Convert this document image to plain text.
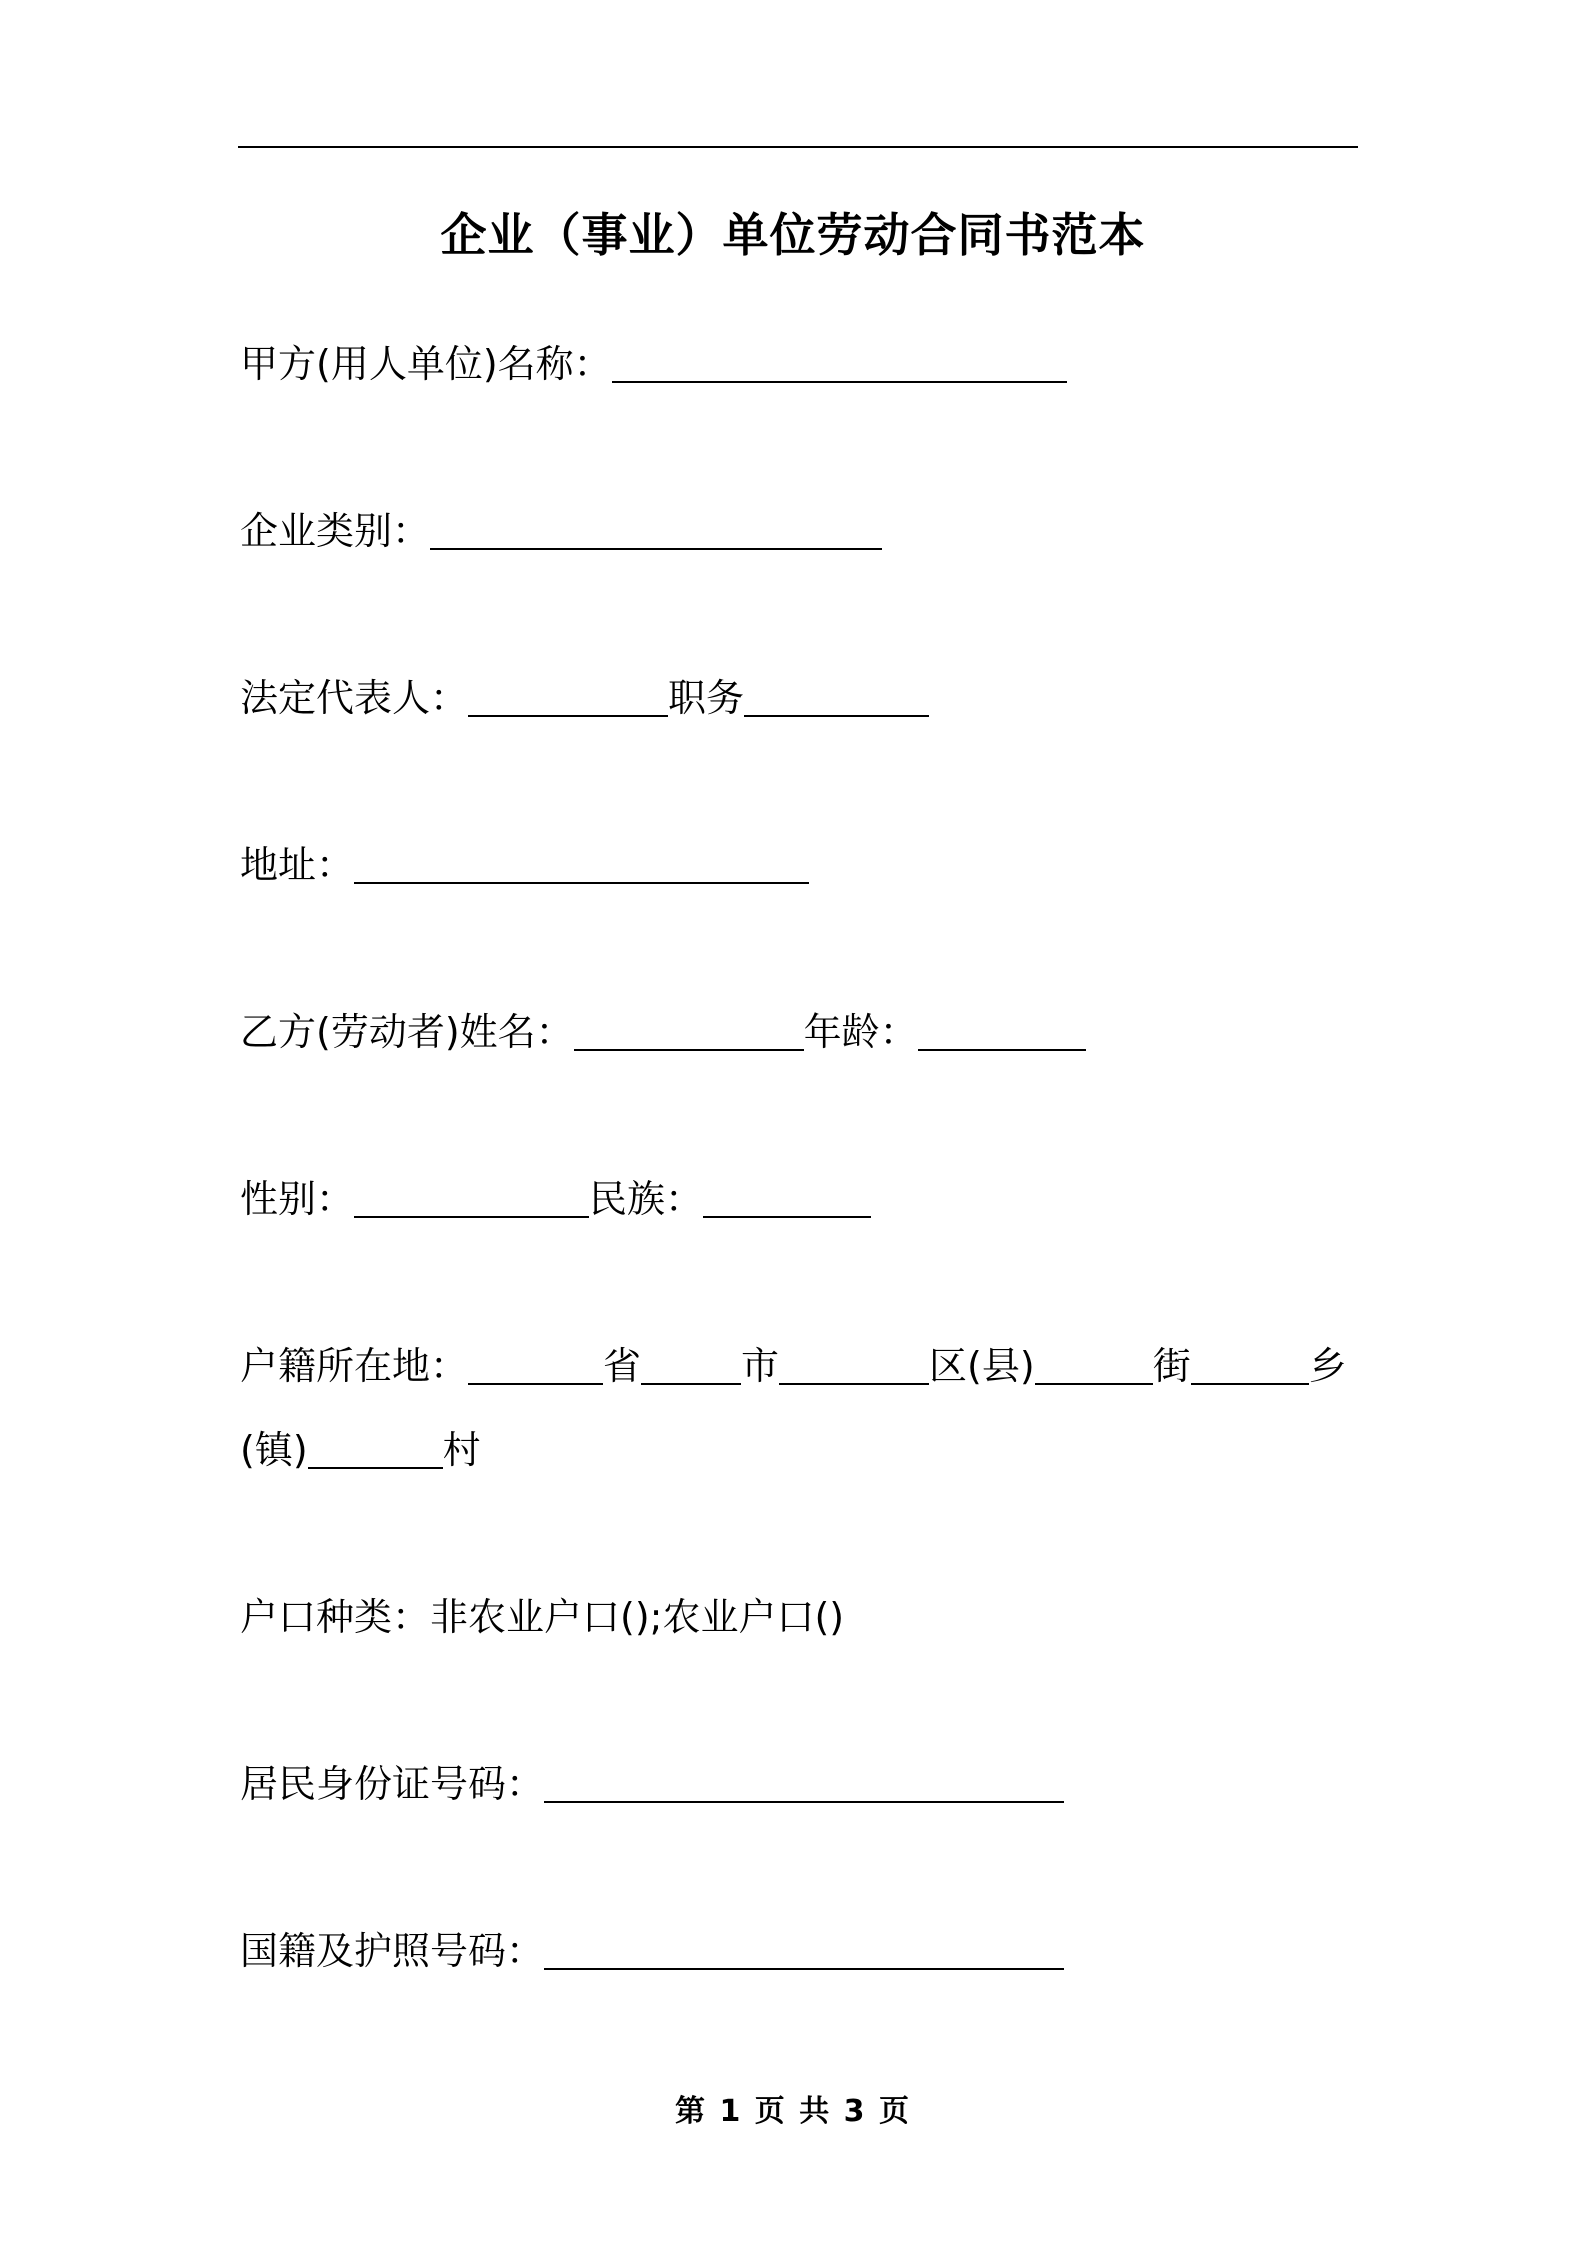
企业（事业）单位劳动合同书范本
甲方(用人单位)名称：
企业类别：
法定代表人：	职务
地址：
乙方(劳动者)姓名：	年龄：
性别：	民族：
户籍所在地：	省	市	区(县)	街	乡
(镇)	村
户口种类：非农业户口();农业户口()
居民身份证号码：
国籍及护照号码：
第 1 页 共 3 页
